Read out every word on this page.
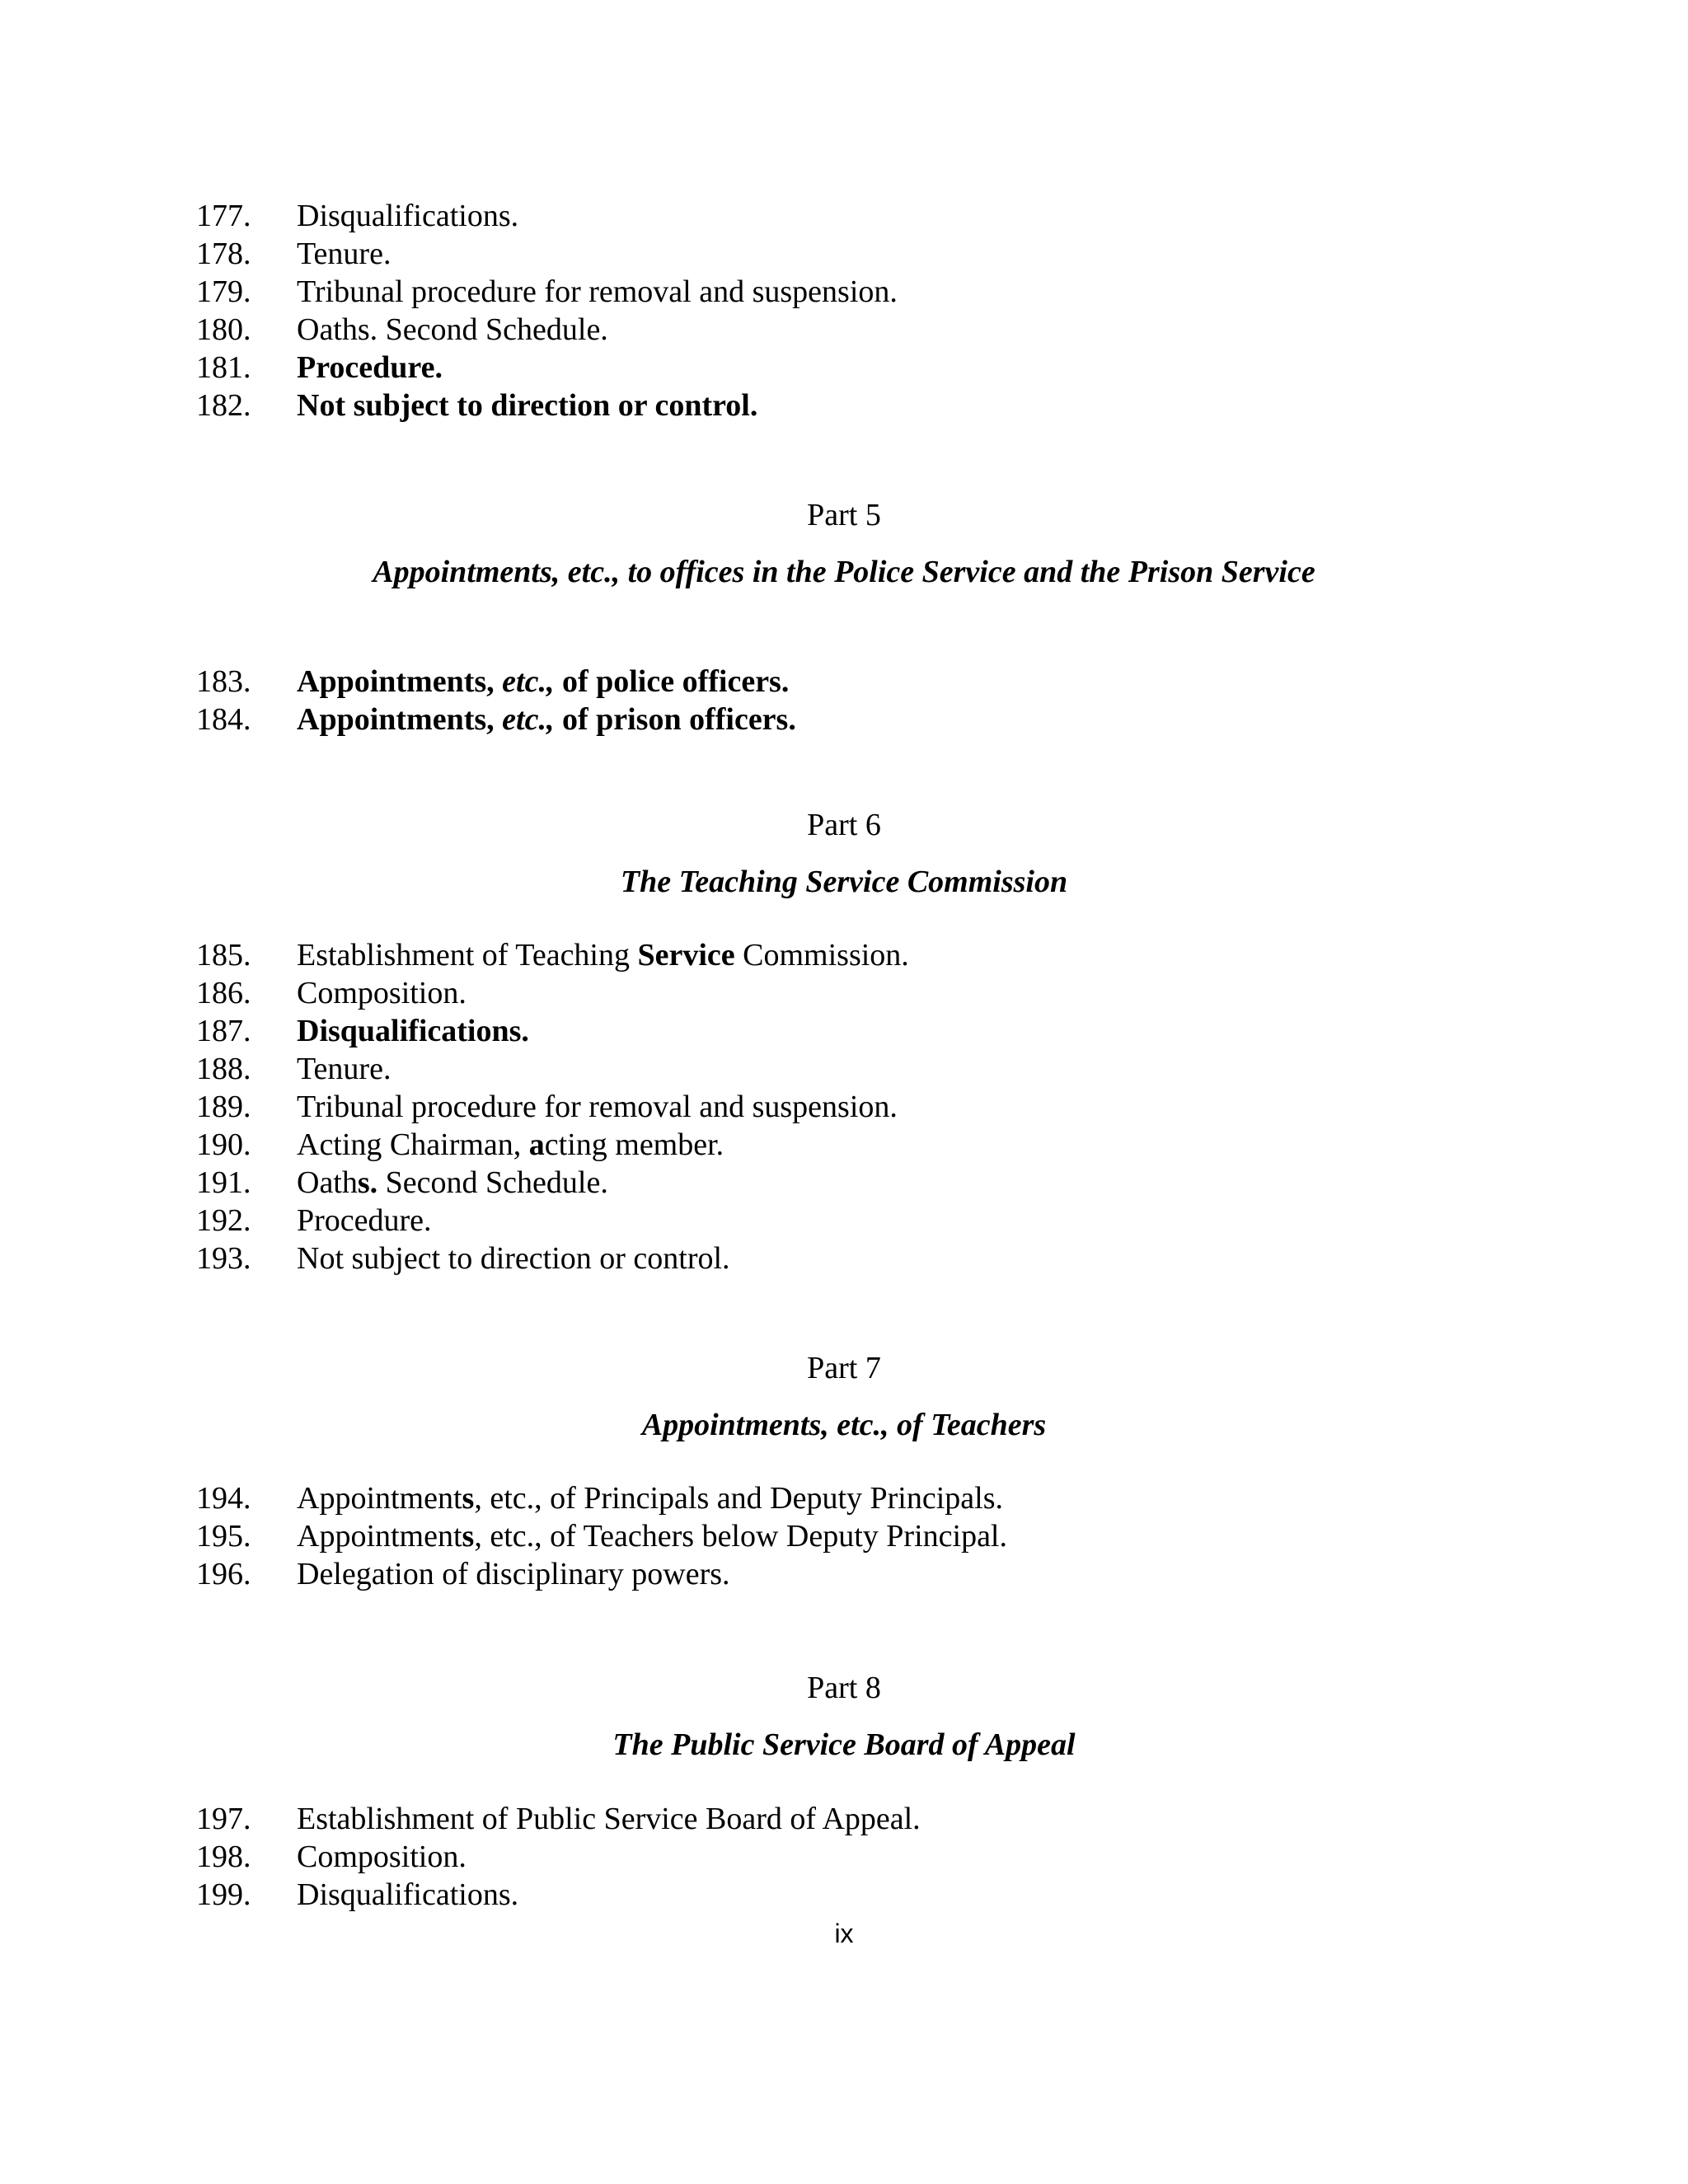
177. Disqualifications.
178. Tenure.
179. Tribunal procedure for removal and suspension.
180. Oaths. Second Schedule.
181. Procedure.
182. Not subject to direction or control.
Part 5
Appointments, etc., to offices in the Police Service and the Prison Service
183. Appointments, etc., of police officers.
184. Appointments, etc., of prison officers.
Part 6
The Teaching Service Commission
185. Establishment of Teaching Service Commission.
186. Composition.
187. Disqualifications.
188. Tenure.
189. Tribunal procedure for removal and suspension.
190. Acting Chairman, acting member.
191. Oaths. Second Schedule.
192. Procedure.
193. Not subject to direction or control.
Part 7
Appointments, etc., of Teachers
194. Appointments, etc., of Principals and Deputy Principals.
195. Appointments, etc., of Teachers below Deputy Principal.
196. Delegation of disciplinary powers.
Part 8
The Public Service Board of Appeal
197. Establishment of Public Service Board of Appeal.
198. Composition.
199. Disqualifications.
ix
